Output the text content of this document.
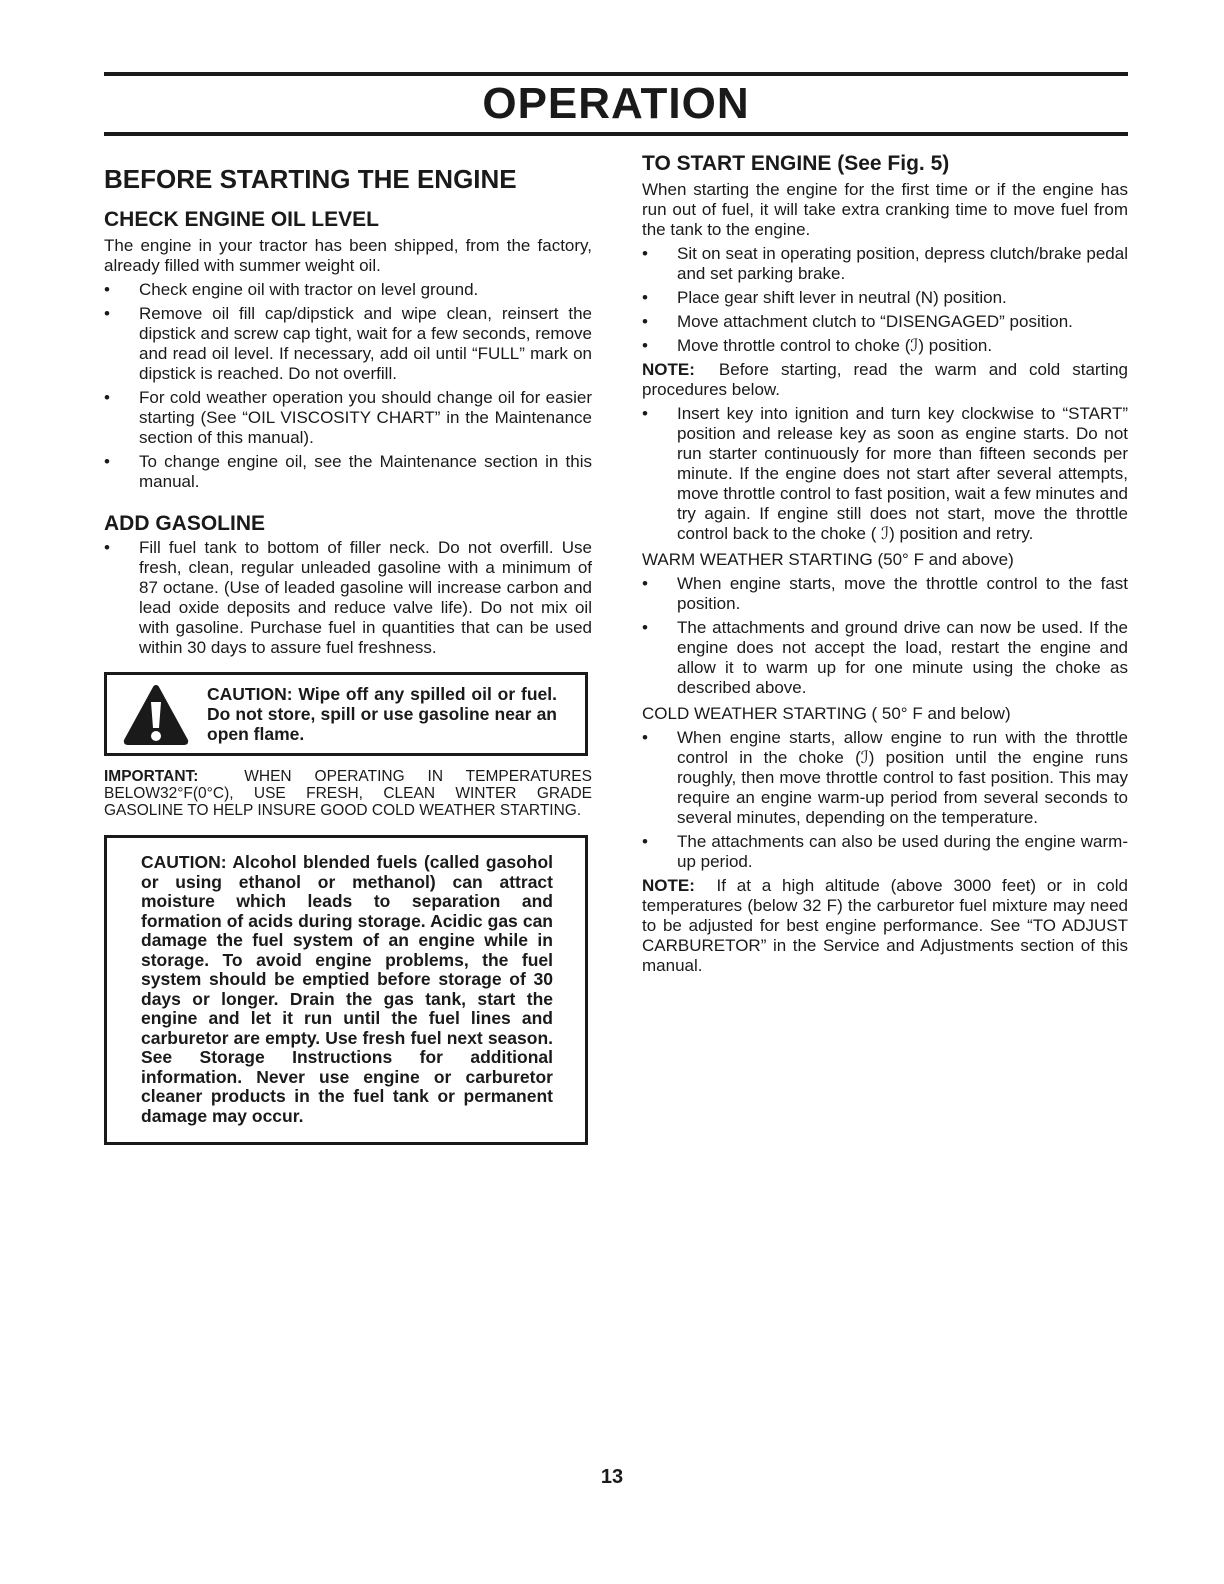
OPERATION
BEFORE STARTING THE ENGINE
CHECK ENGINE OIL LEVEL

The engine in your tractor has been shipped, from the factory, already filled with summer weight oil.

• Check engine oil with tractor on level ground.
• Remove oil fill cap/dipstick and wipe clean, reinsert the dipstick and screw cap tight, wait for a few seconds, remove and read oil level. If necessary, add oil until “FULL” mark on dipstick is reached. Do not overfill.
• For cold weather operation you should change oil for easier starting (See “OIL VISCOSITY CHART” in the Maintenance section of this manual).
• To change engine oil, see the Maintenance section in this manual.
ADD GASOLINE
• Fill fuel tank to bottom of filler neck. Do not overfill. Use fresh, clean, regular unleaded gasoline with a minimum of 87 octane. (Use of leaded gasoline will increase carbon and lead oxide deposits and reduce valve life). Do not mix oil with gasoline. Purchase fuel in quantities that can be used within 30 days to assure fuel freshness.
CAUTION: Wipe off any spilled oil or fuel. Do not store, spill or use gasoline near an open flame.

IMPORTANT:	WHEN OPERATING IN TEMPERATURES BELOW32°F(0°C), USE FRESH, CLEAN WINTER GRADE GASOLINE TO HELP INSURE GOOD COLD WEATHER STARTING.

CAUTION: Alcohol blended fuels (called gasohol or using ethanol or methanol) can attract moisture which leads to separation and formation of acids during storage. Acidic gas can damage the fuel system of an engine while in storage. To avoid engine problems, the fuel system should be emptied before storage of 30 days or longer. Drain the gas tank, start the engine and let it run until the fuel lines and carburetor are empty. Use fresh fuel next season. See Storage Instructions for additional information. Never use engine or carburetor cleaner products in the fuel tank or permanent damage may occur.
TO START ENGINE (See Fig. 5)

When starting the engine for the first time or if the engine has run out of fuel, it will take extra cranking time to move fuel from the tank to the engine.

• Sit on seat in operating position, depress clutch/brake pedal and set parking brake.
• Place gear shift lever in neutral (N) position.
• Move attachment clutch to “DISENGAGED” position.
• Move throttle control to choke (ℐ) position.

NOTE: Before starting, read the warm and cold starting procedures below.

• Insert key into ignition and turn key clockwise to “START” position and release key as soon as engine starts. Do not run starter continuously for more than fifteen seconds per minute. If the engine does not start after several attempts, move throttle control to fast position, wait a few minutes and try again. If engine still does not start, move the throttle control back to the choke ( ℐ) position and retry.

WARM WEATHER STARTING (50° F and above)

• When engine starts, move the throttle control to the fast position.
• The attachments and ground drive can now be used. If the engine does not accept the load, restart the engine and allow it to warm up for one minute using the choke as described above.

COLD WEATHER STARTING ( 50° F and below)

• When engine starts, allow engine to run with the throttle control in the choke (ℐ) position until the engine runs roughly, then move throttle control to fast position. This may require an engine warm-up period from several seconds to several minutes, depending on the temperature.
• The attachments can also be used during the engine warm-up period.

NOTE: If at a high altitude (above 3000 feet) or in cold temperatures (below 32 F) the carburetor fuel mixture may need to be adjusted for best engine performance. See “TO ADJUST CARBURETOR” in the Service and Adjustments section of this manual.

13
